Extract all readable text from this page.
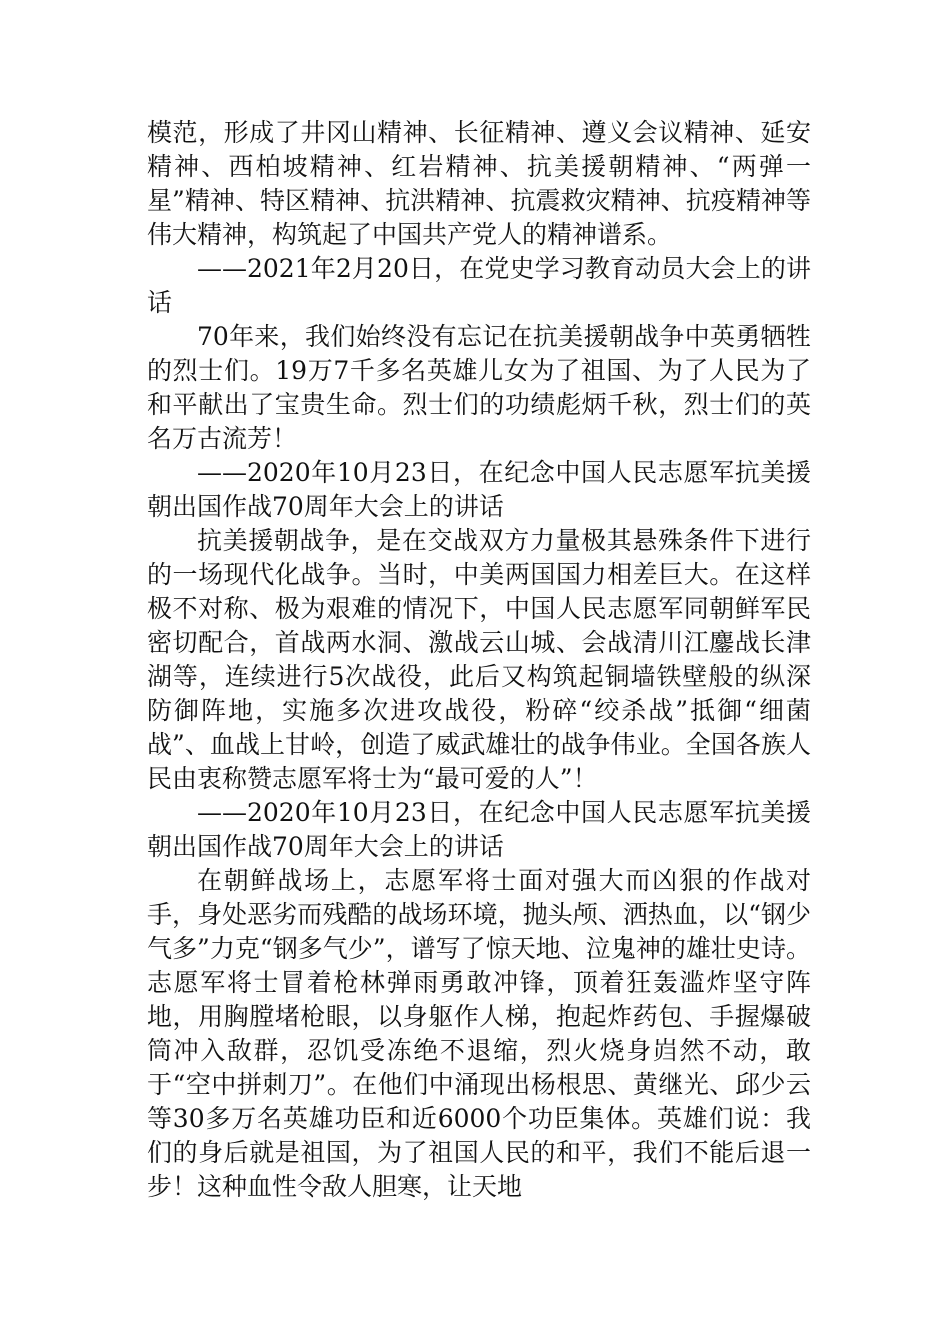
模范，形成了井冈山精神、长征精神、遵义会议精神、延安精神、西柏坡精神、红岩精神、抗美援朝精神、“两弹一星”精神、特区精神、抗洪精神、抗震救灾精神、抗疫精神等伟大精神，构筑起了中国共产党人的精神谱系。

——2021年2月20日，在党史学习教育动员大会上的讲话

70年来，我们始终没有忘记在抗美援朝战争中英勇牺牲的烈士们。19万7千多名英雄儿女为了祖国、为了人民为了和平献出了宝贵生命。烈士们的功绩彪炳千秋，烈士们的英名万古流芳！

——2020年10月23日，在纪念中国人民志愿军抗美援朝出国作战70周年大会上的讲话

抗美援朝战争，是在交战双方力量极其悬殊条件下进行的一场现代化战争。当时，中美两国国力相差巨大。在这样极不对称、极为艰难的情况下，中国人民志愿军同朝鲜军民密切配合，首战两水洞、激战云山城、会战清川江鏖战长津湖等，连续进行5次战役，此后又构筑起铜墙铁壁般的纵深防御阵地，实施多次进攻战役，粉碎“绞杀战”抵御“细菌战”、血战上甘岭，创造了威武雄壮的战争伟业。全国各族人民由衷称赞志愿军将士为“最可爱的人”！

——2020年10月23日，在纪念中国人民志愿军抗美援朝出国作战70周年大会上的讲话

在朝鲜战场上，志愿军将士面对强大而凶狠的作战对手，身处恶劣而残酷的战场环境，抛头颅、洒热血，以“钢少气多”力克“钢多气少”，谱写了惊天地、泣鬼神的雄壮史诗。志愿军将士冒着枪林弹雨勇敢冲锋，顶着狂轰滥炸坚守阵地，用胸膛堵枪眼，以身躯作人梯，抱起炸药包、手握爆破筒冲入敌群，忍饥受冻绝不退缩，烈火烧身岿然不动，敢于“空中拼刺刀”。在他们中涌现出杨根思、黄继光、邱少云等30多万名英雄功臣和近6000个功臣集体。英雄们说：我们的身后就是祖国，为了祖国人民的和平，我们不能后退一步！这种血性令敌人胆寒，让天地
